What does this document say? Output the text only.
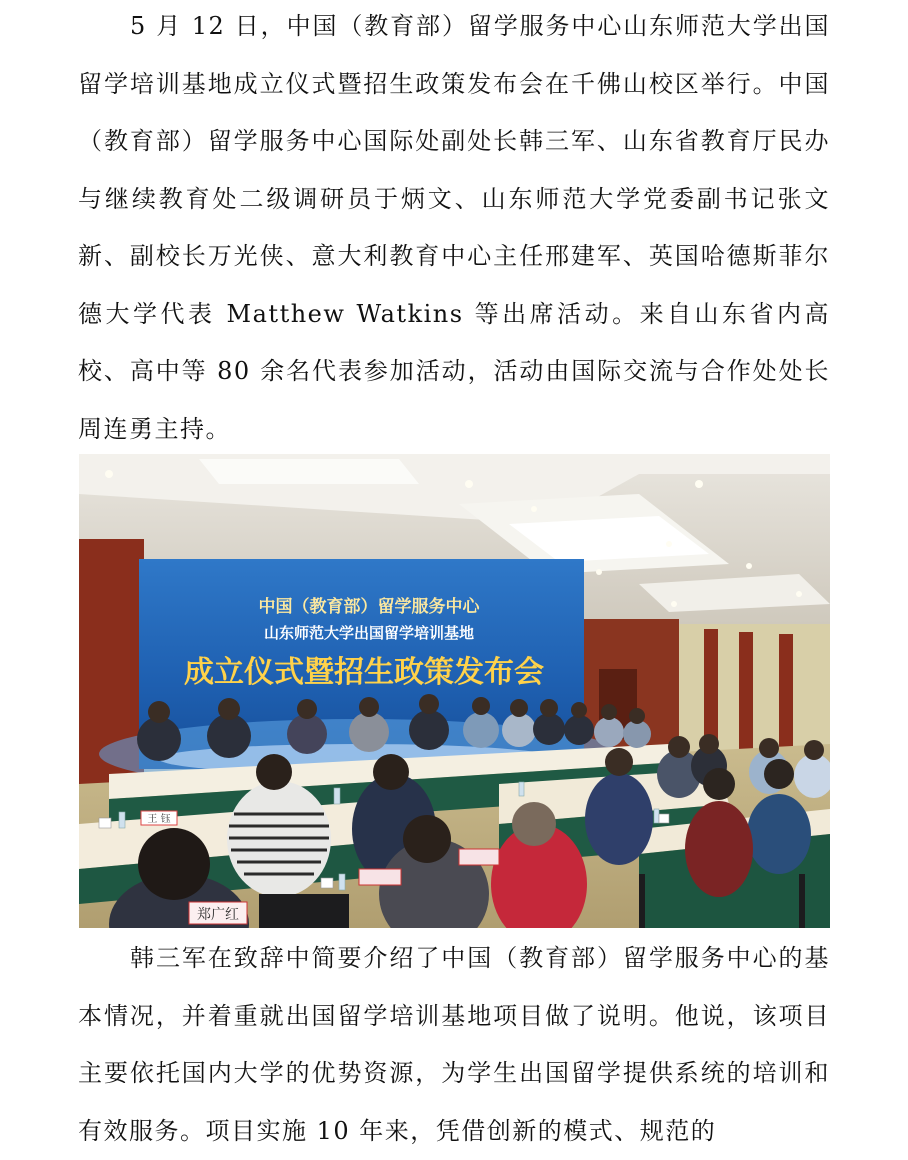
5 月 12 日，中国（教育部）留学服务中心山东师范大学出国留学培训基地成立仪式暨招生政策发布会在千佛山校区举行。中国（教育部）留学服务中心国际处副处长韩三军、山东省教育厅民办与继续教育处二级调研员于炳文、山东师范大学党委副书记张文新、副校长万光侠、意大利教育中心主任邢建军、英国哈德斯菲尔德大学代表 Matthew Watkins 等出席活动。来自山东省内高校、高中等 80 余名代表参加活动，活动由国际交流与合作处处长周连勇主持。

中国（教育部）留学服务中心
山东师范大学出国留学培训基地
成立仪式暨招生政策发布会
王 钰
郑广红

韩三军在致辞中简要介绍了中国（教育部）留学服务中心的基本情况，并着重就出国留学培训基地项目做了说明。他说，该项目主要依托国内大学的优势资源，为学生出国留学提供系统的培训和有效服务。项目实施 10 年来，凭借创新的模式、规范的
